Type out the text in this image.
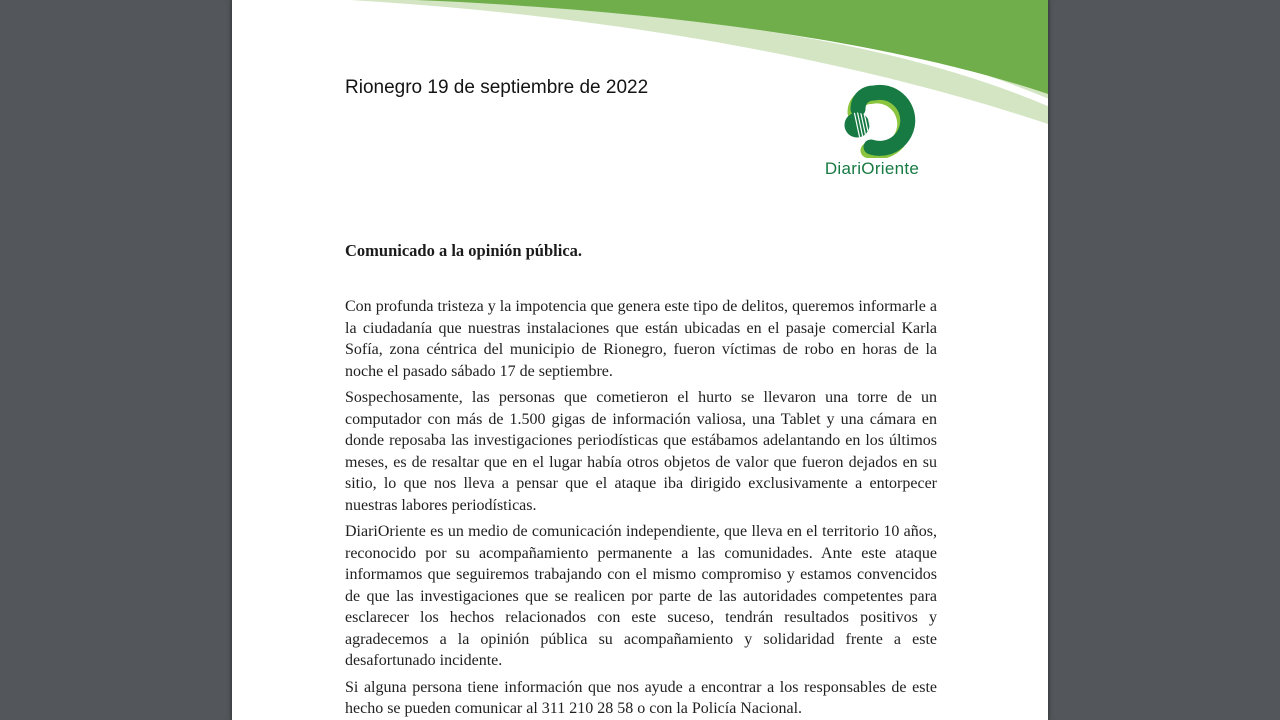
Rionegro 19 de septiembre de 2022
DiariOriente
Comunicado a la opinión pública.

Con profunda tristeza y la impotencia que genera este tipo de delitos, queremos informarle a la ciudadanía que nuestras instalaciones que están ubicadas en el pasaje comercial Karla Sofía, zona céntrica del municipio de Rionegro, fueron víctimas de robo en horas de la noche el pasado sábado 17 de septiembre.

Sospechosamente, las personas que cometieron el hurto se llevaron una torre de un computador con más de 1.500 gigas de información valiosa, una Tablet y una cámara en donde reposaba las investigaciones periodísticas que estábamos adelantando en los últimos meses, es de resaltar que en el lugar había otros objetos de valor que fueron dejados en su sitio, lo que nos lleva a pensar que el ataque iba dirigido exclusivamente a entorpecer nuestras labores periodísticas.

DiariOriente es un medio de comunicación independiente, que lleva en el territorio 10 años, reconocido por su acompañamiento permanente a las comunidades. Ante este ataque informamos que seguiremos trabajando con el mismo compromiso y estamos convencidos de que las investigaciones que se realicen por parte de las autoridades competentes para esclarecer los hechos relacionados con este suceso, tendrán resultados positivos y agradecemos a la opinión pública su acompañamiento y solidaridad frente a este desafortunado incidente.

Si alguna persona tiene información que nos ayude a encontrar a los responsables de este hecho se pueden comunicar al 311 210 28 58 o con la Policía Nacional.
